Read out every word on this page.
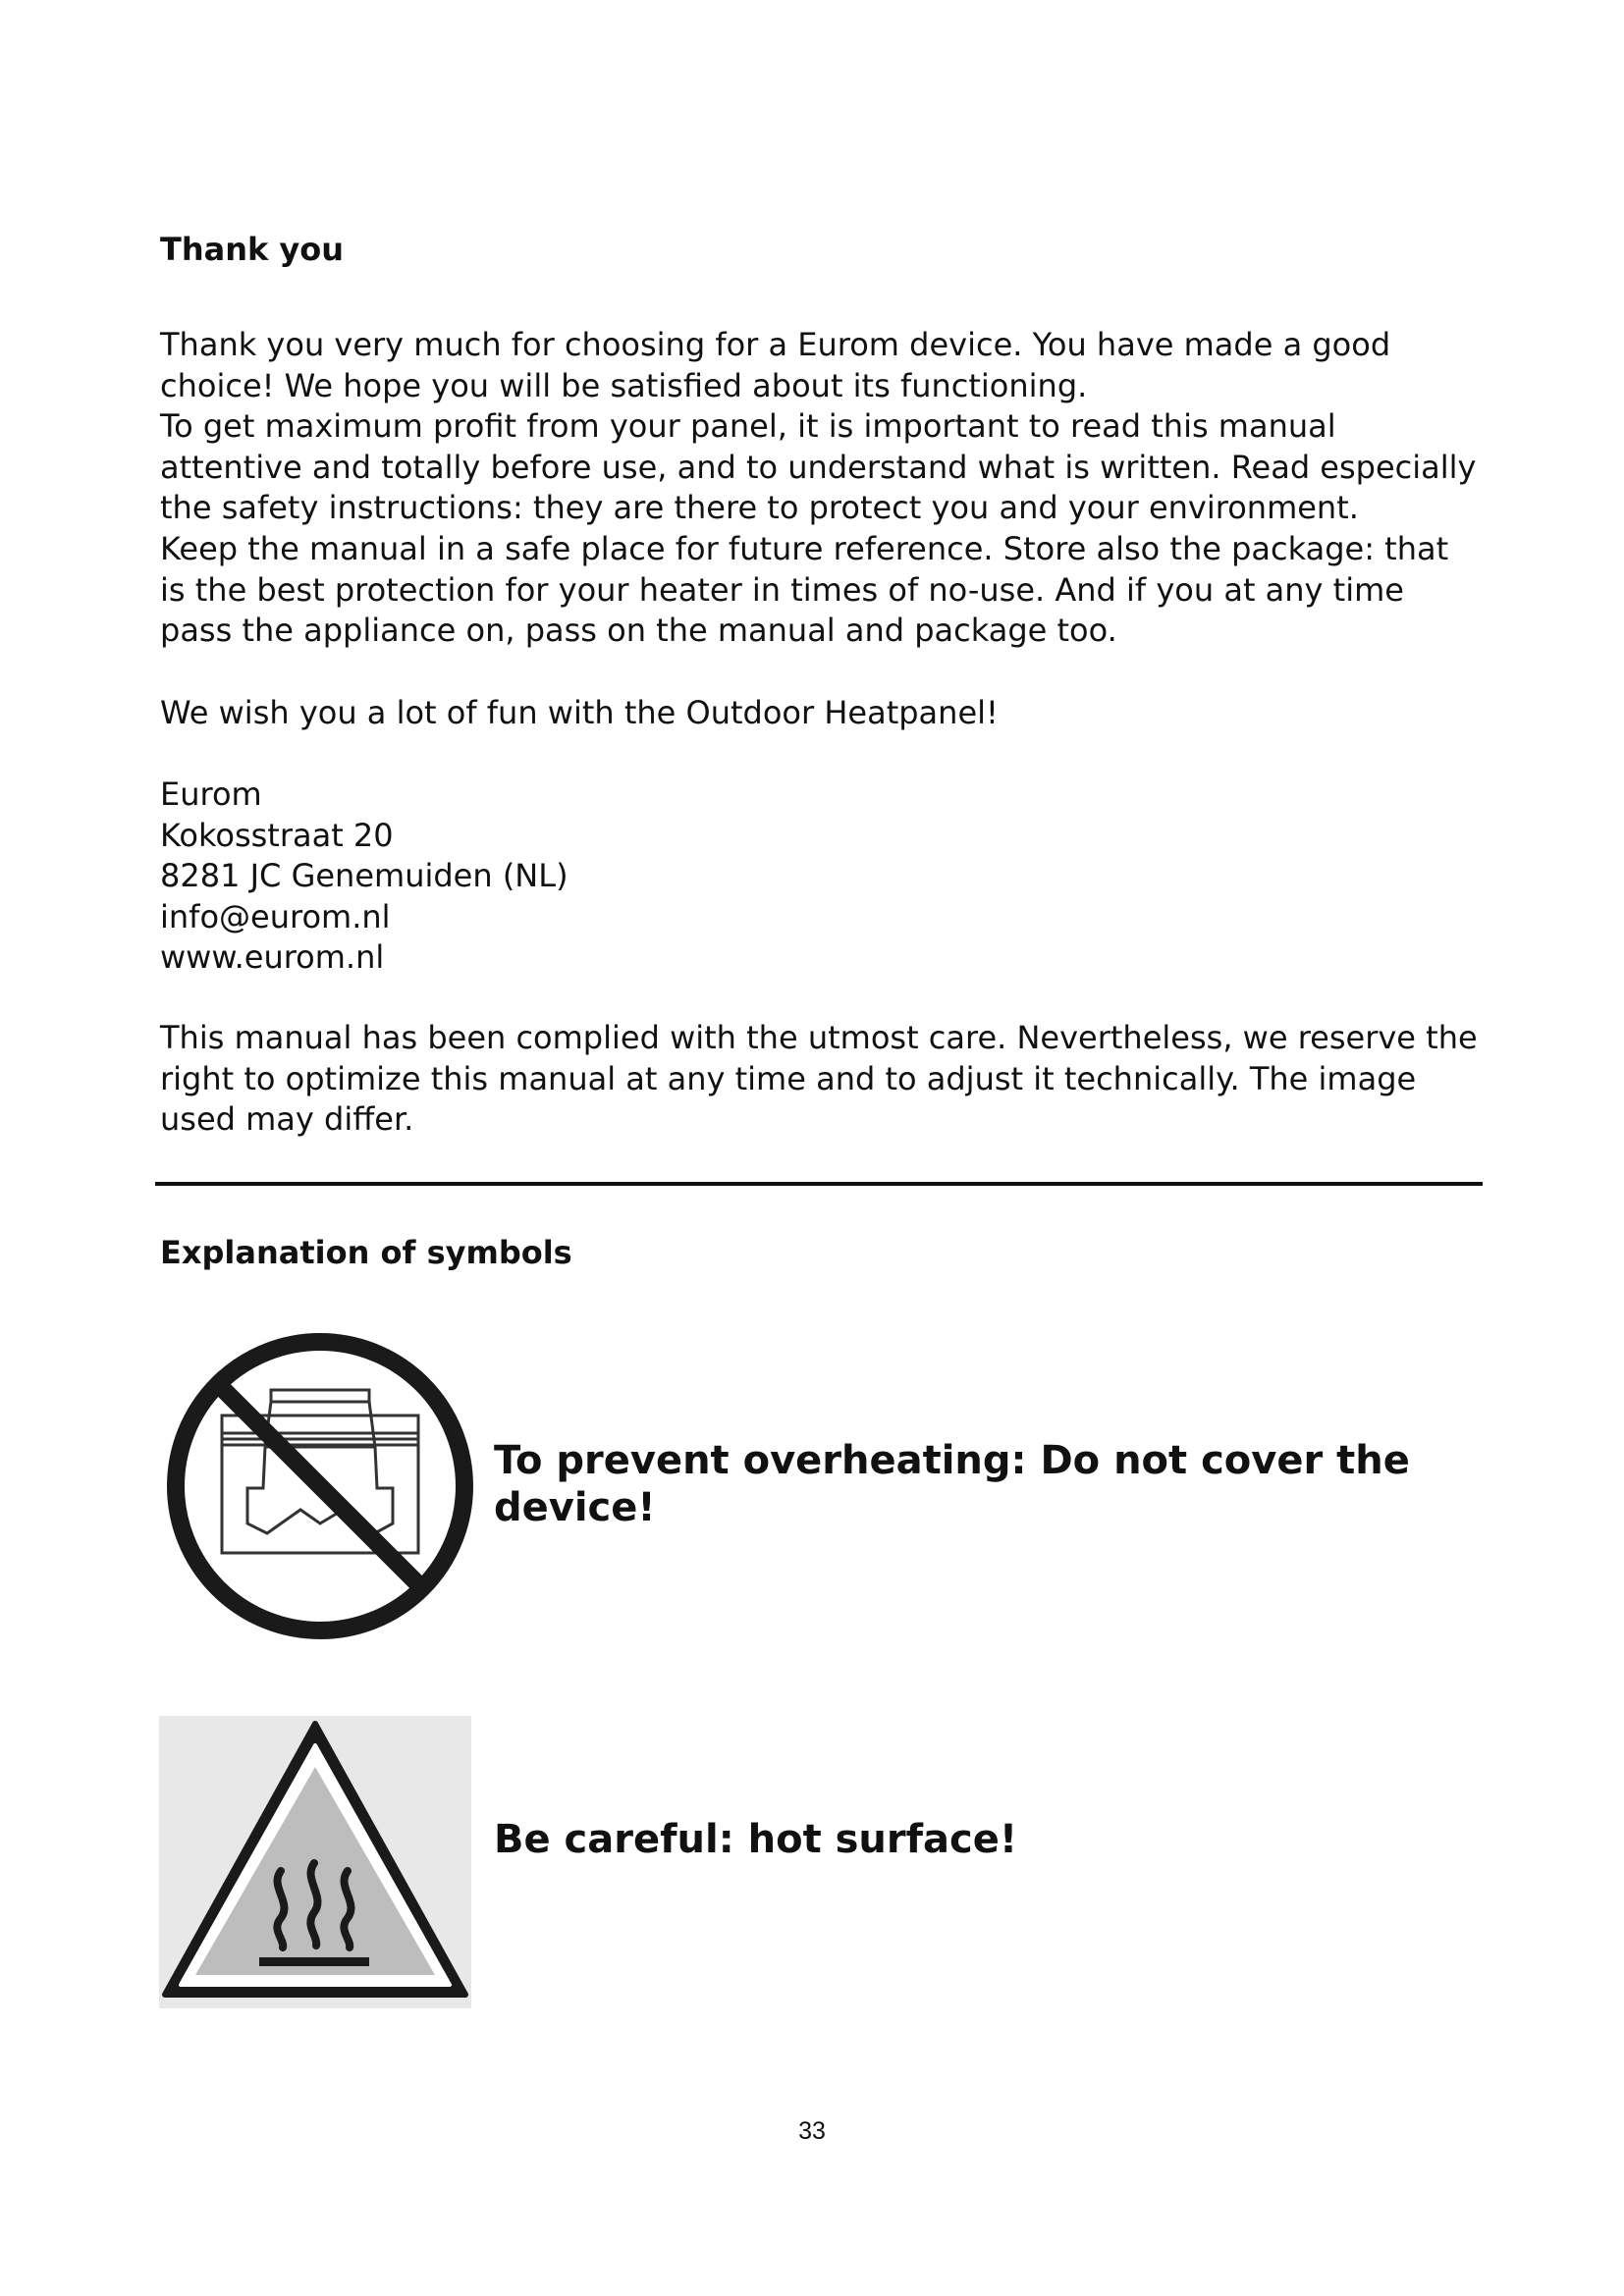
Thank you

Thank you very much for choosing for a Eurom device. You have made a good
choice! We hope you will be satisfied about its functioning.
To get maximum profit from your panel, it is important to read this manual
attentive and totally before use, and to understand what is written. Read especially
the safety instructions: they are there to protect you and your environment.
Keep the manual in a safe place for future reference. Store also the package: that
is the best protection for your heater in times of no-use. And if you at any time
pass the appliance on, pass on the manual and package too.

We wish you a lot of fun with the Outdoor Heatpanel!

Eurom
Kokosstraat 20
8281 JC Genemuiden (NL)
info@eurom.nl
www.eurom.nl

This manual has been complied with the utmost care. Nevertheless, we reserve the
right to optimize this manual at any time and to adjust it technically. The image
used may differ.

Explanation of symbols
To prevent overheating: Do not cover the
device!
Be careful: hot surface!

33
